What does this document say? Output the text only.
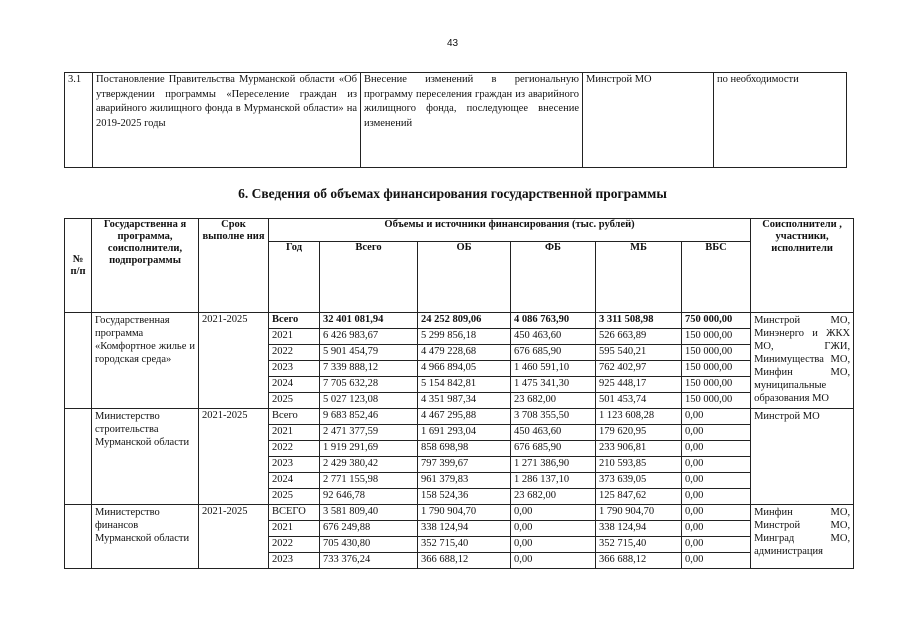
43
3.1	Постановление Правительства Мурманской области «Об утверждении программы «Переселение граждан из аварийного жилищного фонда в Мурманской области» на 2019-2025 годы	Внесение изменений в региональную программу переселения граждан из аварийного жилищного фонда, последующее внесение изменений	Минстрой МО	по необходимости
6. Сведения об объемах финансирования государственной программы
№ п/п	Государственна я программа, соисполнители, подпрограммы	Срок выполне ния	Объемы и источники финансирования (тыс. рублей)						Соисполнители , участники, исполнители
			Год	Всего	ОБ	ФБ	МБ	ВБС	
	Государственная программа «Комфортное жилье и городская среда»	2021-2025	Всего	32 401 081,94	24 252 809,06	4 086 763,90	3 311 508,98	750 000,00	Минстрой МО, Минэнерго и ЖКХ МО, ГЖИ, Минимущества МО, Минфин МО, муниципальные образования МО
			2021	6 426 983,67	5 299 856,18	450 463,60	526 663,89	150 000,00	
			2022	5 901 454,79	4 479 228,68	676 685,90	595 540,21	150 000,00	
			2023	7 339 888,12	4 966 894,05	1 460 591,10	762 402,97	150 000,00	
			2024	7 705 632,28	5 154 842,81	1 475 341,30	925 448,17	150 000,00	
			2025	5 027 123,08	4 351 987,34	23 682,00	501 453,74	150 000,00	
	Министерство строительства Мурманской области	2021-2025	Всего	9 683 852,46	4 467 295,88	3 708 355,50	1 123 608,28	0,00	Минстрой МО
			2021	2 471 377,59	1 691 293,04	450 463,60	179 620,95	0,00	
			2022	1 919 291,69	858 698,98	676 685,90	233 906,81	0,00	
			2023	2 429 380,42	797 399,67	1 271 386,90	210 593,85	0,00	
			2024	2 771 155,98	961 379,83	1 286 137,10	373 639,05	0,00	
			2025	92 646,78	158 524,36	23 682,00	125 847,62	0,00	
	Министерство финансов Мурманской области	2021-2025	ВСЕГО	3 581 809,40	1 790 904,70	0,00	1 790 904,70	0,00	Минфин МО, Минстрой МО, Минград МО, администрация
			2021	676 249,88	338 124,94	0,00	338 124,94	0,00	
			2022	705 430,80	352 715,40	0,00	352 715,40	0,00	
			2023	733 376,24	366 688,12	0,00	366 688,12	0,00	
